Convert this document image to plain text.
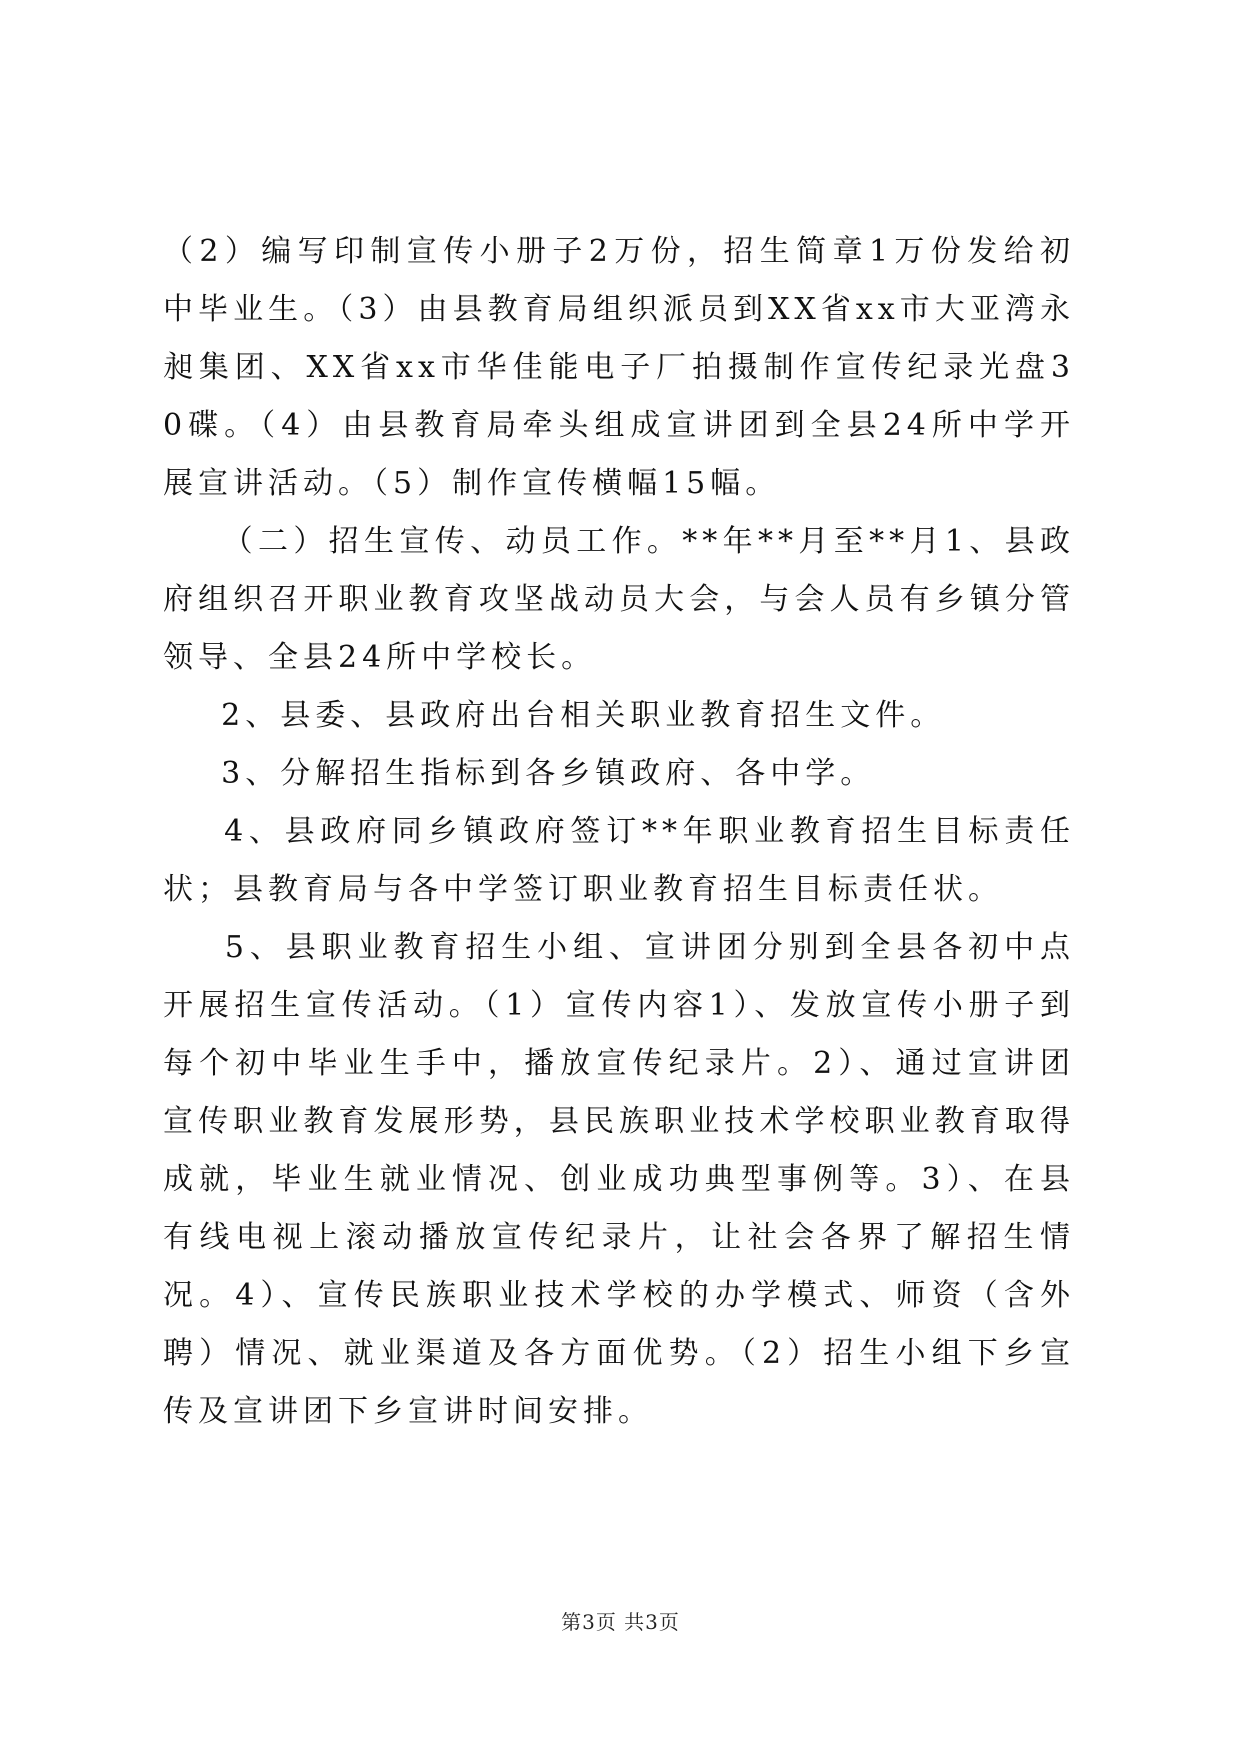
（2）编写印制宣传小册子2万份，招生简章1万份发给初中毕业生。（3）由县教育局组织派员到XX省xx市大亚湾永昶集团、XX省xx市华佳能电子厂拍摄制作宣传纪录光盘30碟。（4）由县教育局牵头组成宣讲团到全县24所中学开展宣讲活动。（5）制作宣传横幅15幅。

（二）招生宣传、动员工作。**年**月至**月1、县政府组织召开职业教育攻坚战动员大会，与会人员有乡镇分管领导、全县24所中学校长。

2、县委、县政府出台相关职业教育招生文件。

3、分解招生指标到各乡镇政府、各中学。

4、县政府同乡镇政府签订**年职业教育招生目标责任状；县教育局与各中学签订职业教育招生目标责任状。

5、县职业教育招生小组、宣讲团分别到全县各初中点开展招生宣传活动。（1）宣传内容1）、发放宣传小册子到每个初中毕业生手中，播放宣传纪录片。2）、通过宣讲团宣传职业教育发展形势，县民族职业技术学校职业教育取得成就，毕业生就业情况、创业成功典型事例等。3）、在县有线电视上滚动播放宣传纪录片，让社会各界了解招生情况。4）、宣传民族职业技术学校的办学模式、师资（含外聘）情况、就业渠道及各方面优势。（2）招生小组下乡宣传及宣讲团下乡宣讲时间安排。

第3页 共3页
